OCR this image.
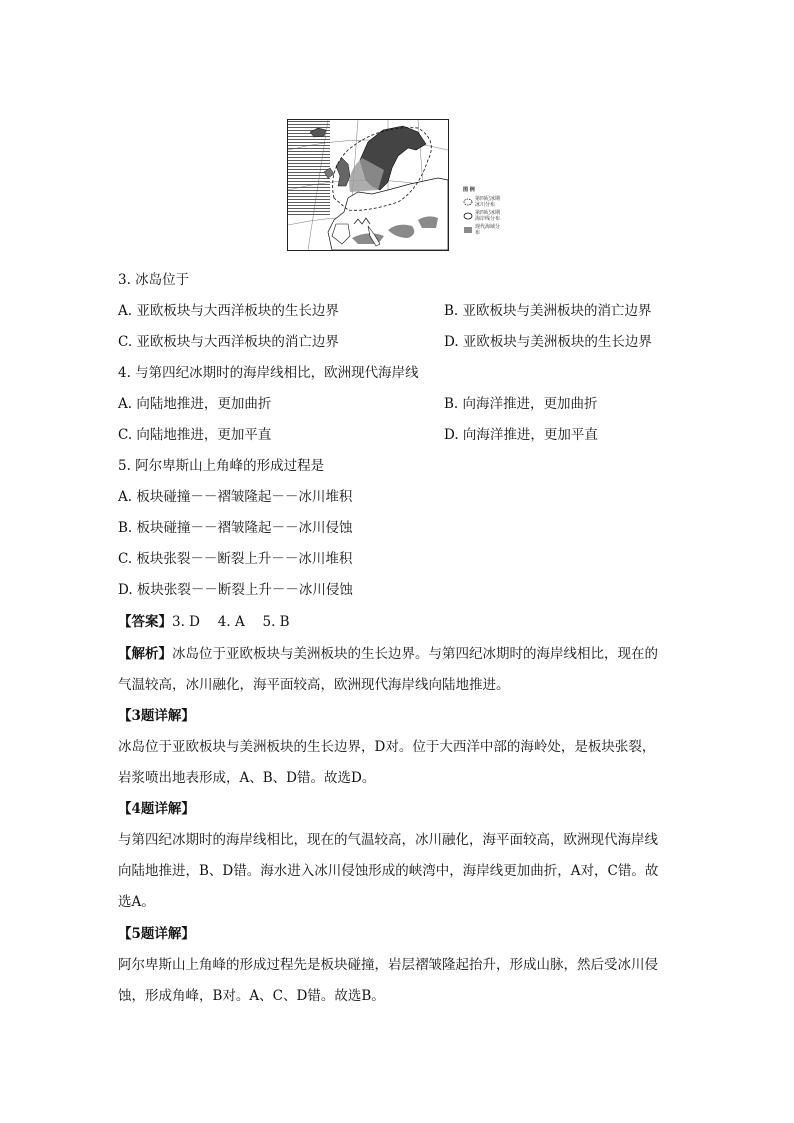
图 例
第四纪冰期冰川分布
第四纪冰期海岸线分布
现代海域分布
3. 冰岛位于
A. 亚欧板块与大西洋板块的生长边界	B. 亚欧板块与美洲板块的消亡边界
C. 亚欧板块与大西洋板块的消亡边界	D. 亚欧板块与美洲板块的生长边界
4. 与第四纪冰期时的海岸线相比，欧洲现代海岸线
A. 向陆地推进，更加曲折	B. 向海洋推进，更加曲折
C. 向陆地推进，更加平直	D. 向海洋推进，更加平直
5. 阿尔卑斯山上角峰的形成过程是
A. 板块碰撞－－褶皱隆起－－冰川堆积
B. 板块碰撞－－褶皱隆起－－冰川侵蚀
C. 板块张裂－－断裂上升－－冰川堆积
D. 板块张裂－－断裂上升－－冰川侵蚀
【答案】3. D　 4. A　 5. B
【解析】冰岛位于亚欧板块与美洲板块的生长边界。与第四纪冰期时的海岸线相比，现在的
气温较高，冰川融化，海平面较高，欧洲现代海岸线向陆地推进。
【3题详解】
冰岛位于亚欧板块与美洲板块的生长边界，D对。位于大西洋中部的海岭处，是板块张裂，
岩浆喷出地表形成，A、B、D错。故选D。
【4题详解】
与第四纪冰期时的海岸线相比，现在的气温较高，冰川融化，海平面较高，欧洲现代海岸线
向陆地推进，B、D错。海水进入冰川侵蚀形成的峡湾中，海岸线更加曲折，A对，C错。故
选A。
【5题详解】
阿尔卑斯山上角峰的形成过程先是板块碰撞，岩层褶皱隆起抬升，形成山脉，然后受冰川侵
蚀，形成角峰，B对。A、C、D错。故选B。
